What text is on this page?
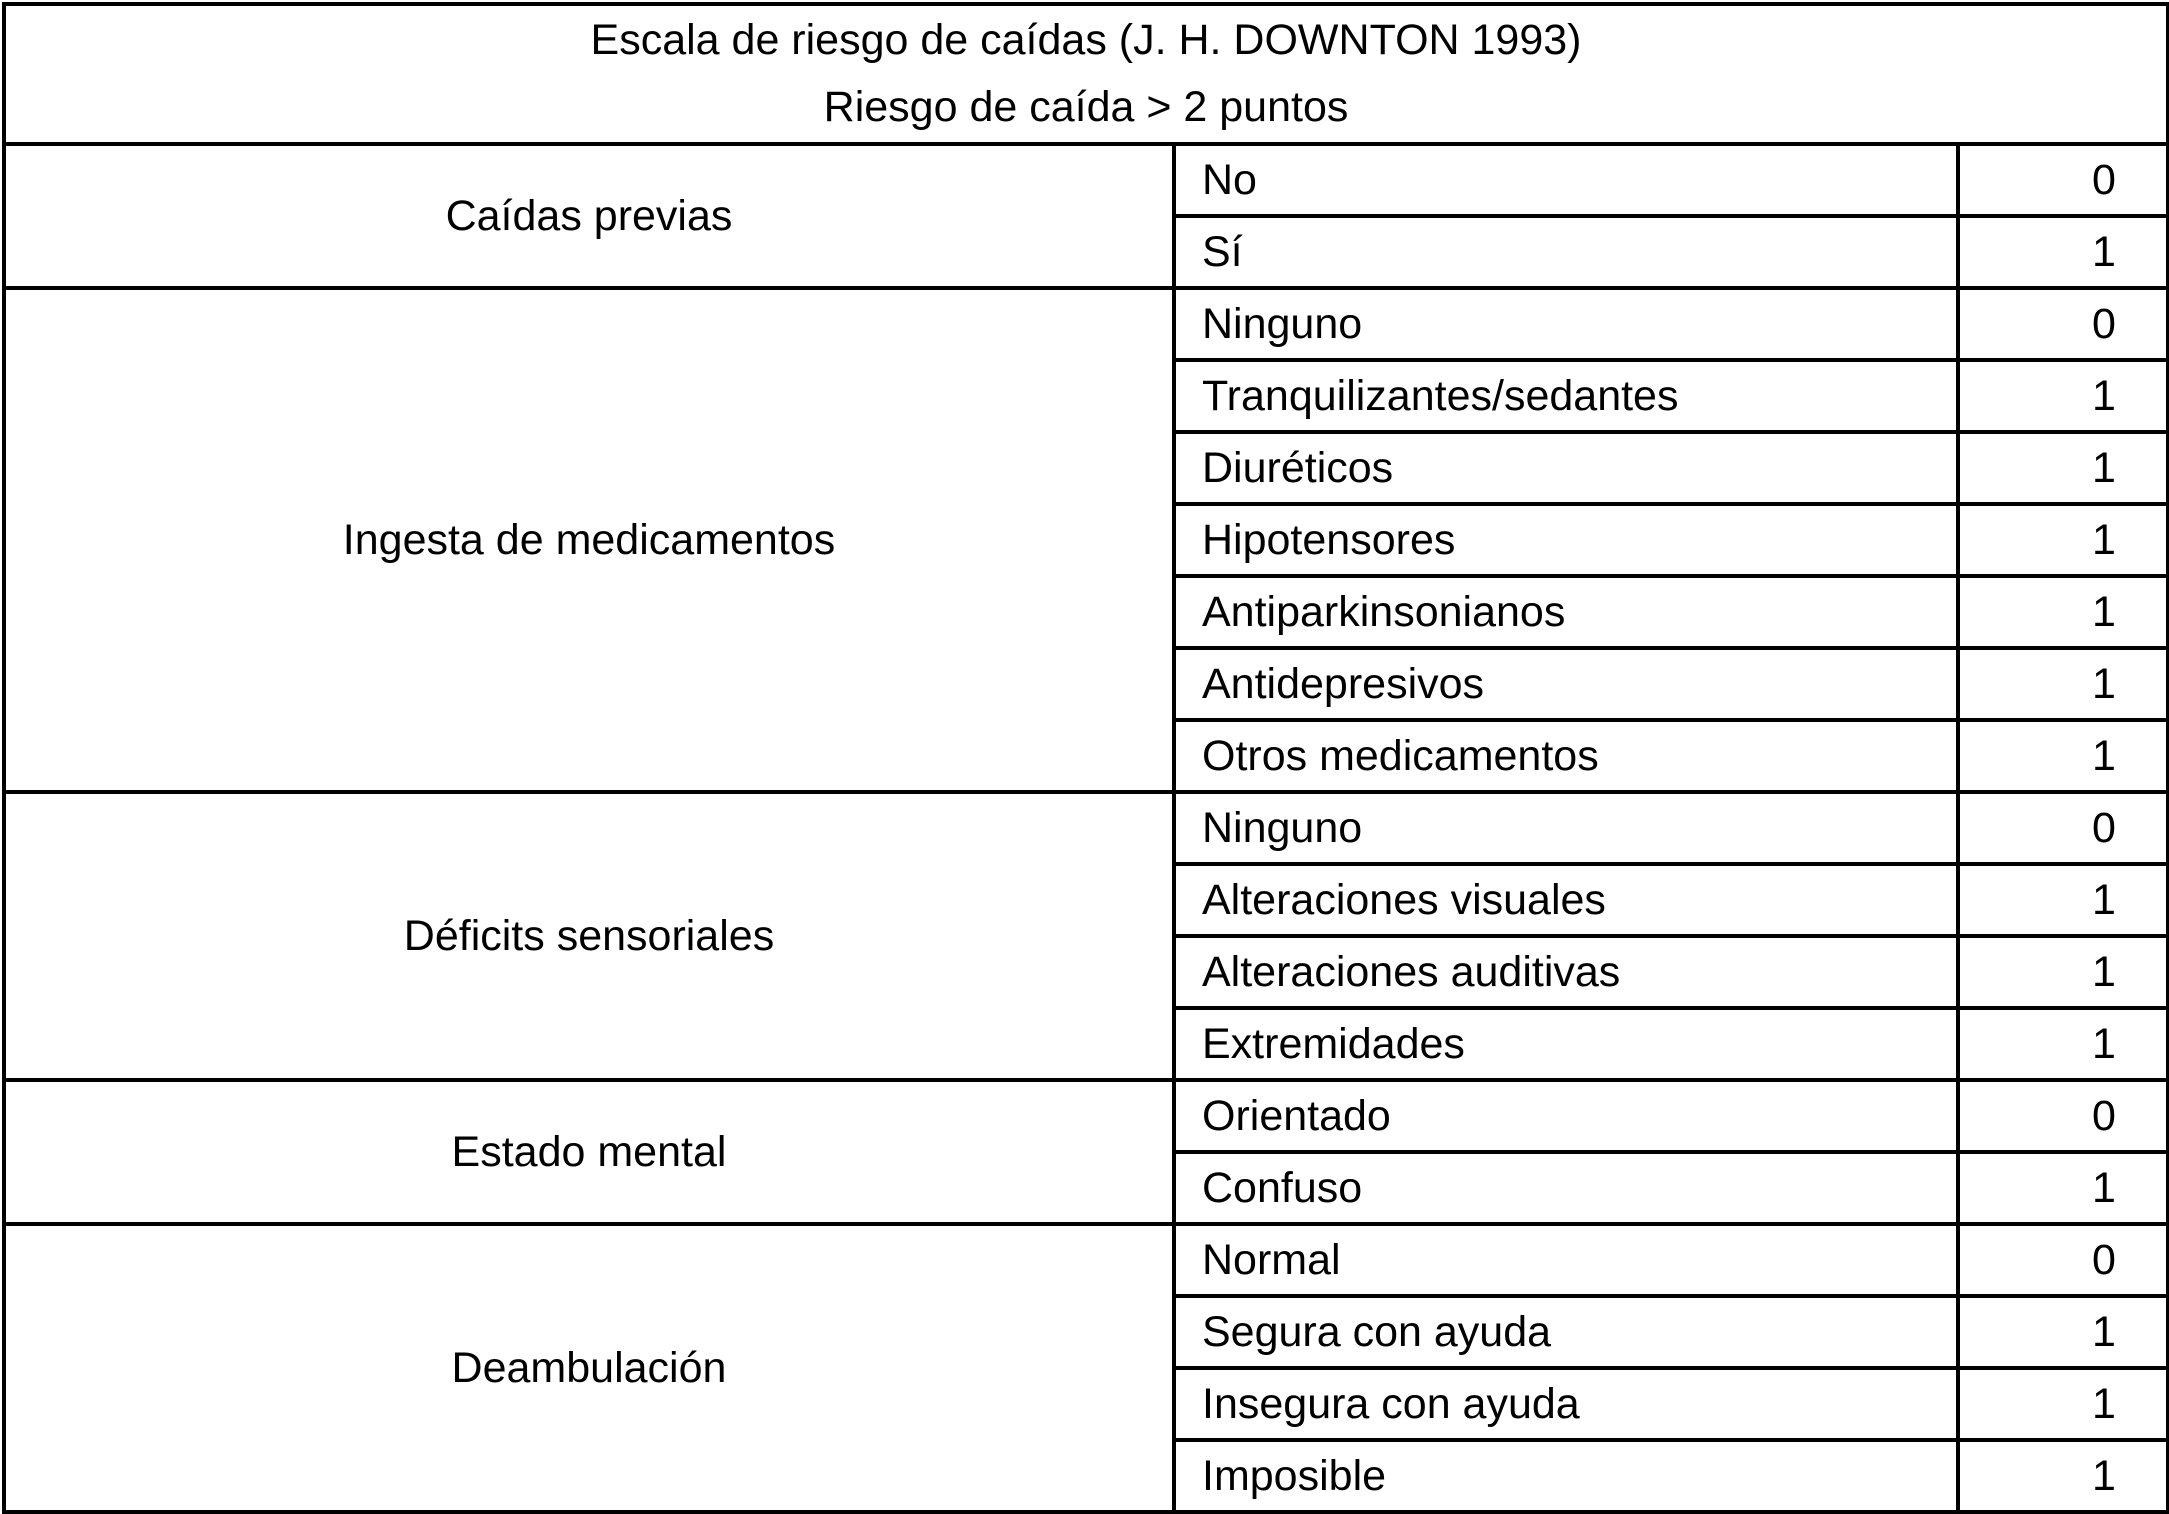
Escala de riesgo de caídas (J. H. DOWNTON 1993)
Riesgo de caída > 2 puntos		

Caídas previas	No	0
	Sí	1
Ingesta de medicamentos	Ninguno	0
	Tranquilizantes/sedantes	1
	Diuréticos	1
	Hipotensores	1
	Antiparkinsonianos	1
	Antidepresivos	1
	Otros medicamentos	1
Déficits sensoriales	Ninguno	0
	Alteraciones visuales	1
	Alteraciones auditivas	1
	Extremidades	1
Estado mental	Orientado	0
	Confuso	1
Deambulación	Normal	0
	Segura con ayuda	1
	Insegura con ayuda	1
	Imposible	1
